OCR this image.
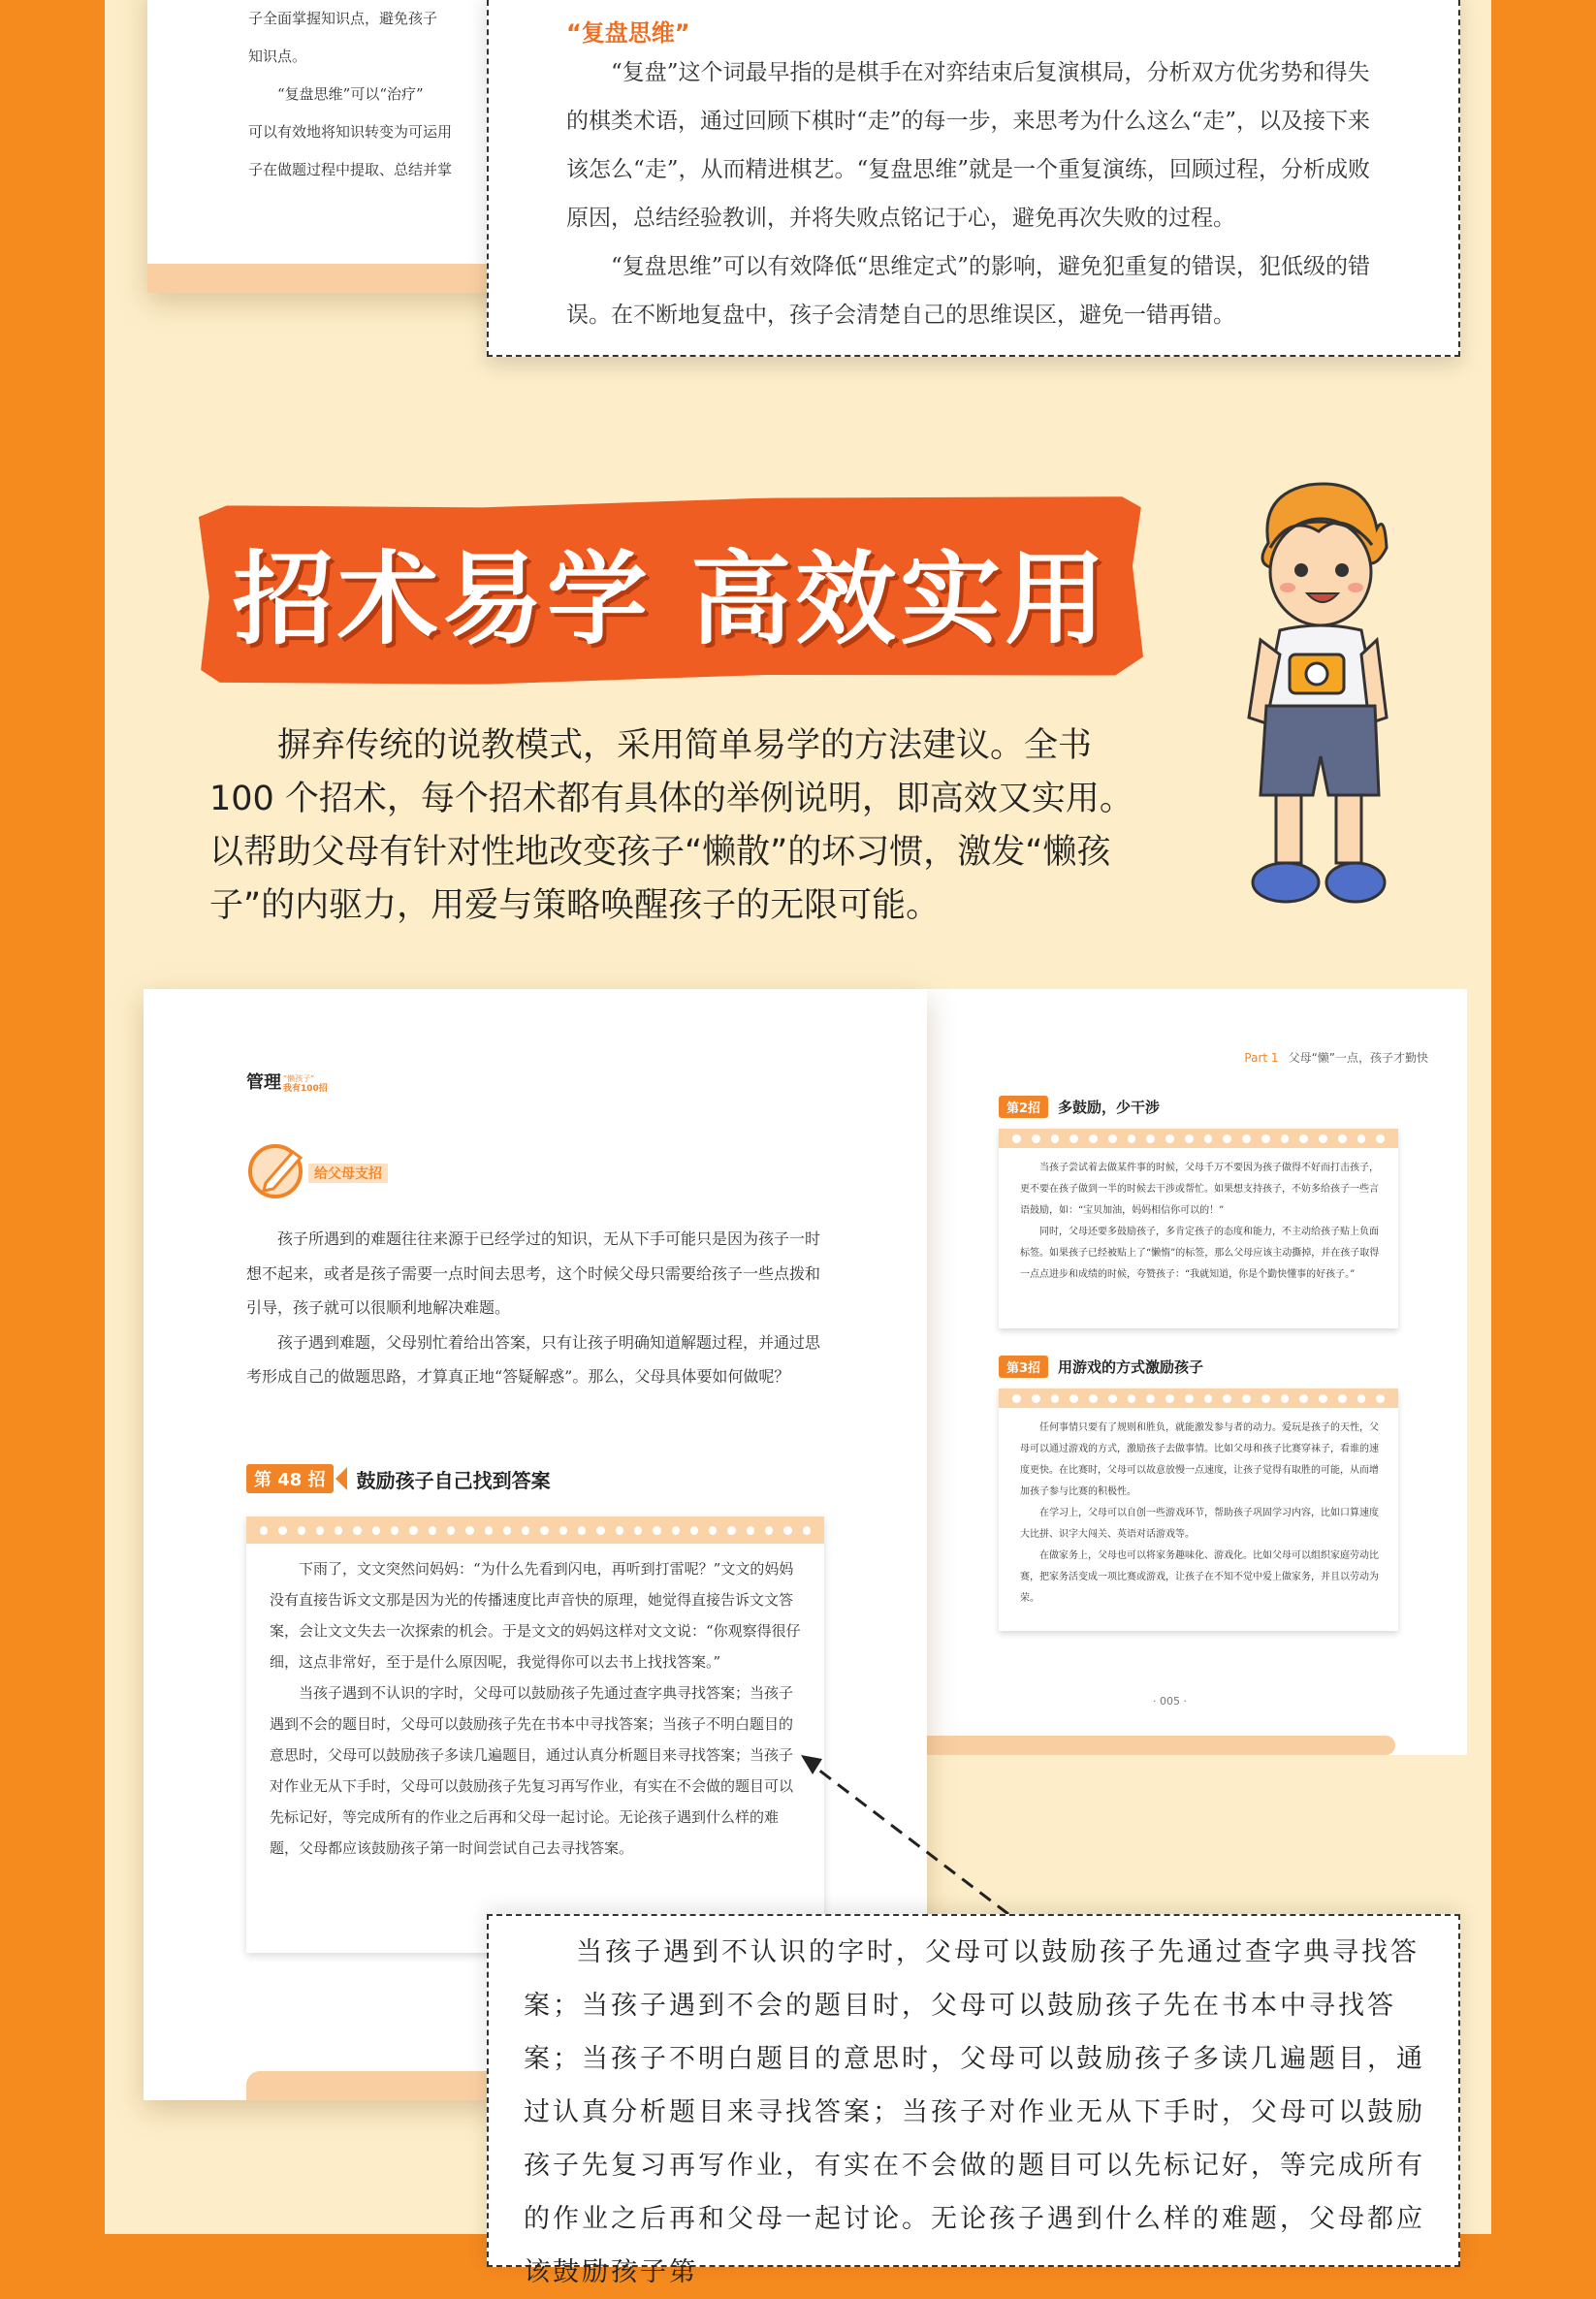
子全面掌握知识点，避免孩子
知识点。
“复盘思维”可以“治疗”
可以有效地将知识转变为可运用
子在做题过程中提取、总结并掌
“复盘思维”

“复盘”这个词最早指的是棋手在对弈结束后复演棋局，分析双方优劣势和得失的棋类术语，通过回顾下棋时“走”的每一步，来思考为什么这么“走”，以及接下来该怎么“走”，从而精进棋艺。“复盘思维”就是一个重复演练，回顾过程，分析成败原因，总结经验教训，并将失败点铭记于心，避免再次失败的过程。

“复盘思维”可以有效降低“思维定式”的影响，避免犯重复的错误，犯低级的错误。在不断地复盘中，孩子会清楚自己的思维误区，避免一错再错。

招术易学 高效实用
摒弃传统的说教模式，采用简单易学的方法建议。全书 100 个招术，每个招术都有具体的举例说明，即高效又实用。以帮助父母有针对性地改变孩子“懒散”的坏习惯，激发“懒孩子”的内驱力，用爱与策略唤醒孩子的无限可能。
Part 1 父母“懒”一点，孩子才勤快
第2招	多鼓励，少干涉

当孩子尝试着去做某件事的时候，父母千万不要因为孩子做得不好而打击孩子，更不要在孩子做到一半的时候去干涉或帮忙。如果想支持孩子，不妨多给孩子一些言语鼓励，如：“宝贝加油，妈妈相信你可以的！”

同时，父母还要多鼓励孩子，多肯定孩子的态度和能力，不主动给孩子贴上负面标签。如果孩子已经被贴上了“懒惰”的标签，那么父母应该主动撕掉，并在孩子取得一点点进步和成绩的时候，夸赞孩子：“我就知道，你是个勤快懂事的好孩子。”

第3招	用游戏的方式激励孩子

任何事情只要有了规则和胜负，就能激发参与者的动力。爱玩是孩子的天性，父母可以通过游戏的方式，激励孩子去做事情。比如父母和孩子比赛穿袜子，看谁的速度更快。在比赛时，父母可以故意放慢一点速度，让孩子觉得有取胜的可能，从而增加孩子参与比赛的积极性。

在学习上，父母可以自创一些游戏环节，帮助孩子巩固学习内容，比如口算速度大比拼、识字大闯关、英语对话游戏等。

在做家务上，父母也可以将家务趣味化、游戏化。比如父母可以组织家庭劳动比赛，把家务活变成一项比赛或游戏，让孩子在不知不觉中爱上做家务，并且以劳动为荣。

· 005 ·
管理 “懒孩子”
我有100招
给父母支招

孩子所遇到的难题往往来源于已经学过的知识，无从下手可能只是因为孩子一时想不起来，或者是孩子需要一点时间去思考，这个时候父母只需要给孩子一些点拨和引导，孩子就可以很顺利地解决难题。

孩子遇到难题，父母别忙着给出答案，只有让孩子明确知道解题过程，并通过思考形成自己的做题思路，才算真正地“答疑解惑”。那么，父母具体要如何做呢？

第 48 招	鼓励孩子自己找到答案

下雨了，文文突然问妈妈：“为什么先看到闪电，再听到打雷呢？”文文的妈妈没有直接告诉文文那是因为光的传播速度比声音快的原理，她觉得直接告诉文文答案，会让文文失去一次探索的机会。于是文文的妈妈这样对文文说：“你观察得很仔细，这点非常好，至于是什么原因呢，我觉得你可以去书上找找答案。”

当孩子遇到不认识的字时，父母可以鼓励孩子先通过查字典寻找答案；当孩子遇到不会的题目时，父母可以鼓励孩子先在书本中寻找答案；当孩子不明白题目的意思时，父母可以鼓励孩子多读几遍题目，通过认真分析题目来寻找答案；当孩子对作业无从下手时，父母可以鼓励孩子先复习再写作业，有实在不会做的题目可以先标记好，等完成所有的作业之后再和父母一起讨论。无论孩子遇到什么样的难题，父母都应该鼓励孩子第一时间尝试自己去寻找答案。

当孩子遇到不认识的字时，父母可以鼓励孩子先通过查字典寻找答案；当孩子遇到不会的题目时，父母可以鼓励孩子先在书本中寻找答案；当孩子不明白题目的意思时，父母可以鼓励孩子多读几遍题目，通过认真分析题目来寻找答案；当孩子对作业无从下手时，父母可以鼓励孩子先复习再写作业，有实在不会做的题目可以先标记好，等完成所有的作业之后再和父母一起讨论。无论孩子遇到什么样的难题，父母都应该鼓励孩子第
